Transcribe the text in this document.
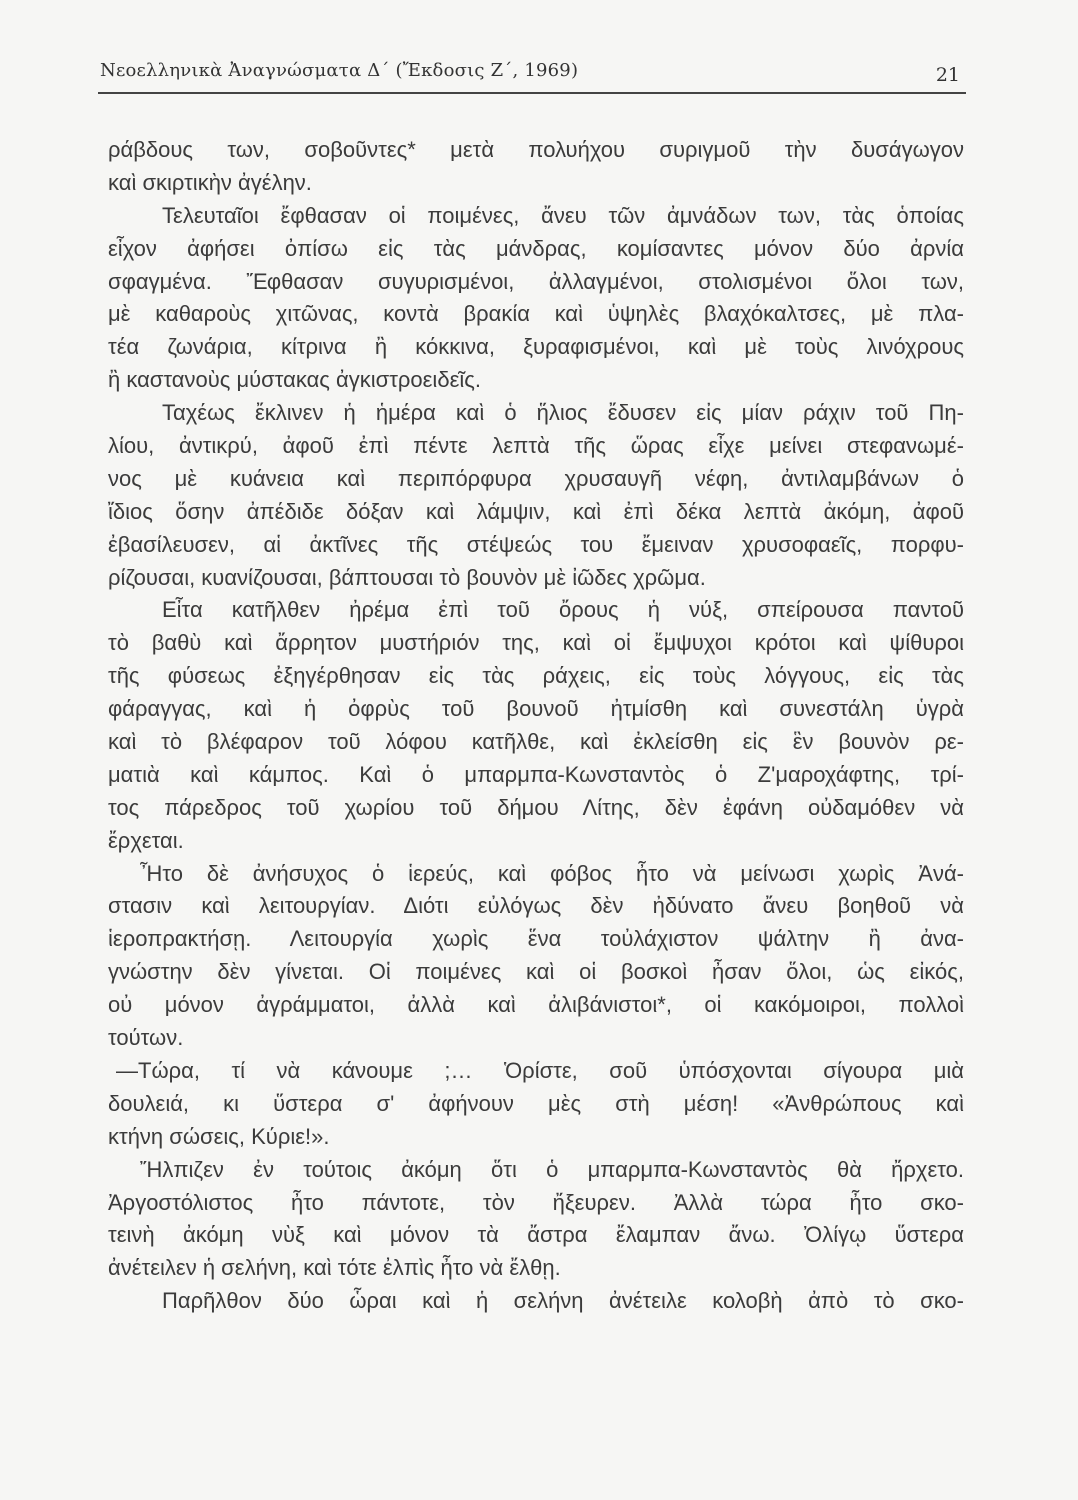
Νεοελληνικὰ Ἀναγνώσματα Δ΄ (Ἔκδοσις Ζ΄, 1969)	21
ράβδους των, σοβοῦντες* μετὰ πολυήχου συριγμοῦ τὴν δυσάγωγον
καὶ σκιρτικὴν ἀγέλην.
Τελευταῖοι ἔφθασαν οἱ ποιμένες, ἄνευ τῶν ἀμνάδων των, τὰς ὁποίας
εἶχον ἀφήσει ὀπίσω εἰς τὰς μάνδρας, κομίσαντες μόνον δύο ἀρνία
σφαγμένα. Ἔφθασαν συγυρισμένοι, ἀλλαγμένοι, στολισμένοι ὅλοι των,
μὲ καθαροὺς χιτῶνας, κοντὰ βρακία καὶ ὑψηλὲς βλαχόκαλτσες, μὲ πλα-
τέα ζωνάρια, κίτρινα ἢ κόκκινα, ξυραφισμένοι, καὶ μὲ τοὺς λινόχρους
ἢ καστανοὺς μύστακας ἀγκιστροειδεῖς.
Ταχέως ἔκλινεν ἡ ἡμέρα καὶ ὁ ἥλιος ἔδυσεν εἰς μίαν ράχιν τοῦ Πη-
λίου, ἀντικρύ, ἀφοῦ ἐπὶ πέντε λεπτὰ τῆς ὥρας εἶχε μείνει στεφανωμέ-
νος μὲ κυάνεια καὶ περιπόρφυρα χρυσαυγῆ νέφη, ἀντιλαμβάνων ὁ
ἴδιος ὅσην ἀπέδιδε δόξαν καὶ λάμψιν, καὶ ἐπὶ δέκα λεπτὰ ἀκόμη, ἀφοῦ
ἐβασίλευσεν, αἱ ἀκτῖνες τῆς στέψεώς του ἔμειναν χρυσοφαεῖς, πορφυ-
ρίζουσαι, κυανίζουσαι, βάπτουσαι τὸ βουνὸν μὲ ἰῶδες χρῶμα.
Εἶτα κατῆλθεν ἠρέμα ἐπὶ τοῦ ὄρους ἡ νύξ, σπείρουσα παντοῦ
τὸ βαθὺ καὶ ἄρρητον μυστήριόν της, καὶ οἱ ἔμψυχοι κρότοι καὶ ψίθυροι
τῆς φύσεως ἐξηγέρθησαν εἰς τὰς ράχεις, εἰς τοὺς λόγγους, εἰς τὰς
φάραγγας, καὶ ἡ ὀφρὺς τοῦ βουνοῦ ἠτμίσθη καὶ συνεστάλη ὑγρὰ
καὶ τὸ βλέφαρον τοῦ λόφου κατῆλθε, καὶ ἐκλείσθη εἰς ἓν βουνὸν ρε-
ματιὰ καὶ κάμπος. Καὶ ὁ μπαρμπα-Κωνσταντὸς ὁ Ζ'μαροχάφτης, τρί-
τος πάρεδρος τοῦ χωρίου τοῦ δήμου Λίτης, δὲν ἐφάνη οὐδαμόθεν νὰ
ἔρχεται.
Ἦτο δὲ ἀνήσυχος ὁ ἱερεύς, καὶ φόβος ἦτο νὰ μείνωσι χωρὶς Ἀνά-
στασιν καὶ λειτουργίαν. Διότι εὐλόγως δὲν ἠδύνατο ἄνευ βοηθοῦ νὰ
ἱεροπρακτήσῃ. Λειτουργία χωρὶς ἕνα τοὐλάχιστον ψάλτην ἢ ἀνα-
γνώστην δὲν γίνεται. Οἱ ποιμένες καὶ οἱ βοσκοὶ ἦσαν ὅλοι, ὡς εἰκός,
οὐ μόνον ἀγράμματοι, ἀλλὰ καὶ ἀλιβάνιστοι*, οἱ κακόμοιροι, πολλοὶ
τούτων.
—Τώρα, τί νὰ κάνουμε ;… Ὁρίστε, σοῦ ὑπόσχονται σίγουρα μιὰ
δουλειά, κι ὕστερα σ' ἀφήνουν μὲς στὴ μέση! «Ἀνθρώπους καὶ
κτήνη σώσεις, Κύριε!».
Ἤλπιζεν ἐν τούτοις ἀκόμη ὅτι ὁ μπαρμπα-Κωνσταντὸς θὰ ἤρχετο.
Ἀργοστόλιστος ἦτο πάντοτε, τὸν ἤξευρεν. Ἀλλὰ τώρα ἦτο σκο-
τεινὴ ἀκόμη νὺξ καὶ μόνον τὰ ἄστρα ἔλαμπαν ἄνω. Ὀλίγῳ ὕστερα
ἀνέτειλεν ἡ σελήνη, καὶ τότε ἐλπὶς ἦτο νὰ ἔλθῃ.
Παρῆλθον δύο ὧραι καὶ ἡ σελήνη ἀνέτειλε κολοβὴ ἀπὸ τὸ σκο-
